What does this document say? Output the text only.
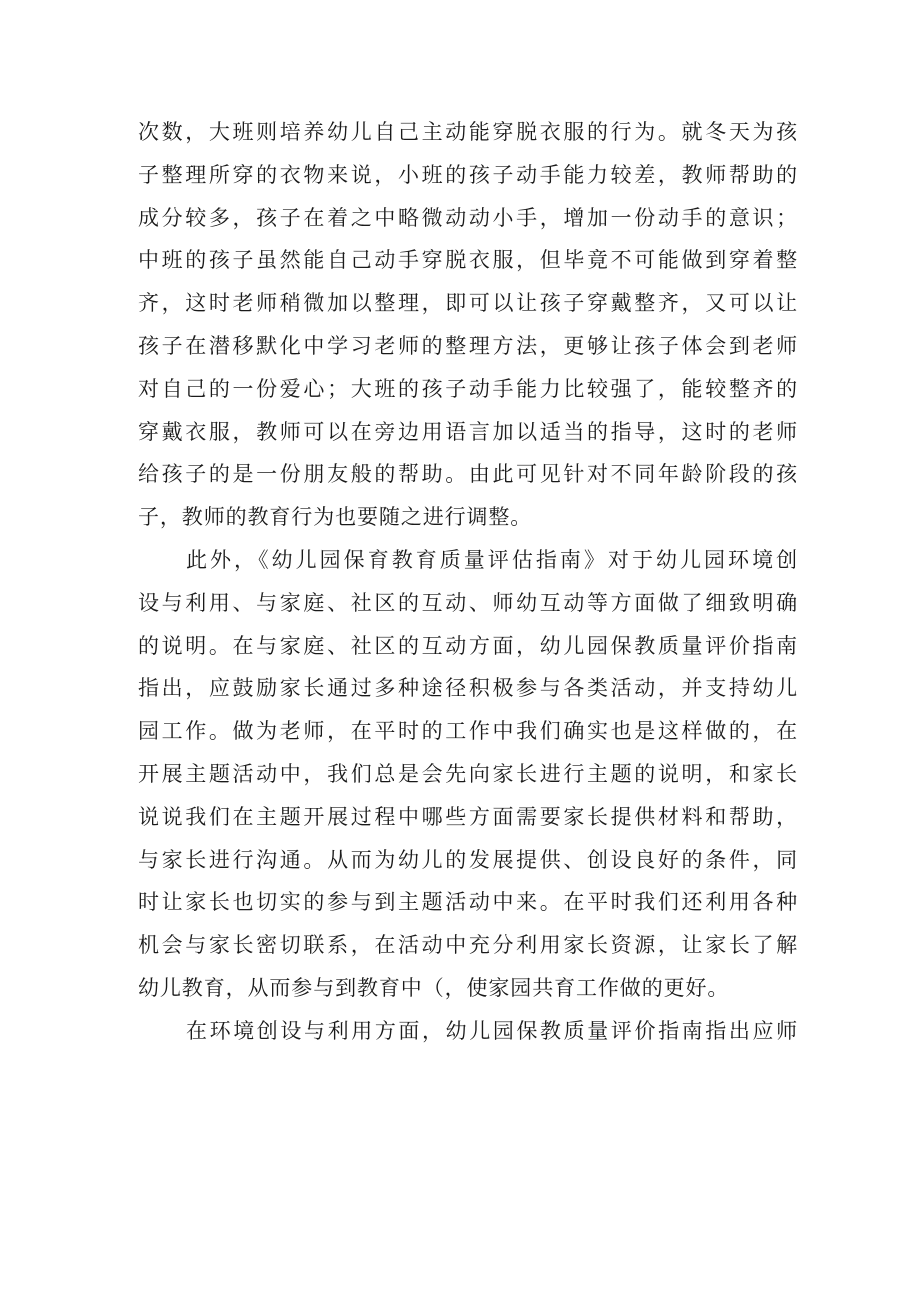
次数，大班则培养幼儿自己主动能穿脱衣服的行为。就冬天为孩
子整理所穿的衣物来说，小班的孩子动手能力较差，教师帮助的
成分较多，孩子在着之中略微动动小手，增加一份动手的意识；
中班的孩子虽然能自己动手穿脱衣服，但毕竟不可能做到穿着整
齐，这时老师稍微加以整理，即可以让孩子穿戴整齐，又可以让
孩子在潜移默化中学习老师的整理方法，更够让孩子体会到老师
对自己的一份爱心；大班的孩子动手能力比较强了，能较整齐的
穿戴衣服，教师可以在旁边用语言加以适当的指导，这时的老师
给孩子的是一份朋友般的帮助。由此可见针对不同年龄阶段的孩
子，教师的教育行为也要随之进行调整。
此外，《幼儿园保育教育质量评估指南》对于幼儿园环境创
设与利用、与家庭、社区的互动、师幼互动等方面做了细致明确
的说明。在与家庭、社区的互动方面，幼儿园保教质量评价指南
指出，应鼓励家长通过多种途径积极参与各类活动，并支持幼儿
园工作。做为老师，在平时的工作中我们确实也是这样做的，在
开展主题活动中，我们总是会先向家长进行主题的说明，和家长
说说我们在主题开展过程中哪些方面需要家长提供材料和帮助，
与家长进行沟通。从而为幼儿的发展提供、创设良好的条件，同
时让家长也切实的参与到主题活动中来。在平时我们还利用各种
机会与家长密切联系，在活动中充分利用家长资源，让家长了解
幼儿教育，从而参与到教育中（，使家园共育工作做的更好。
在环境创设与利用方面，幼儿园保教质量评价指南指出应师
